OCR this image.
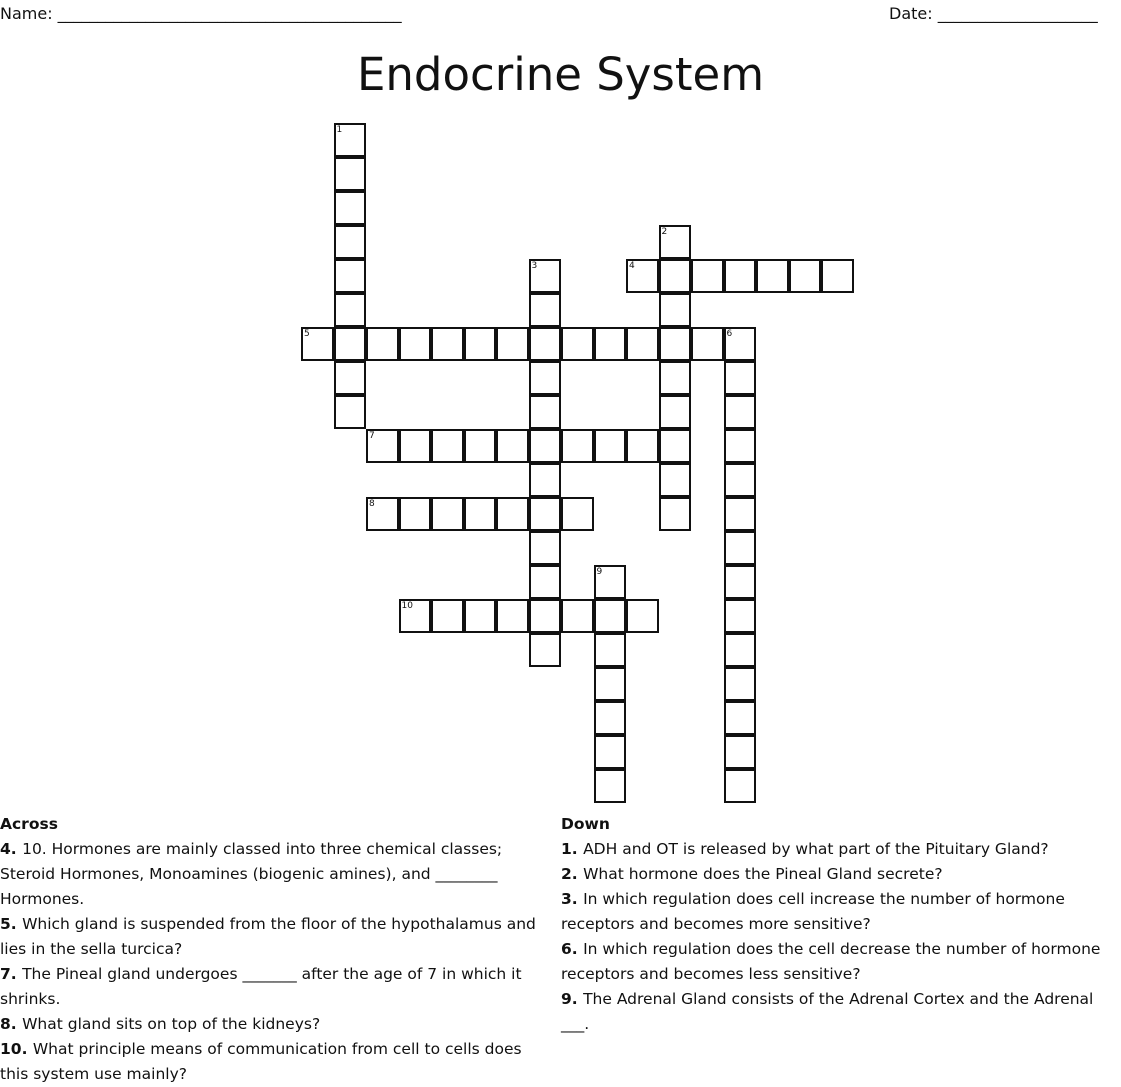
Name: ___________________________________________	Date: ____________________
Endocrine System
1
2
3	4
5	6
7
8
9
10
Across
4. 10. Hormones are mainly classed into three chemical classes; Steroid Hormones, Monoamines (biogenic amines), and ________ Hormones.
5. Which gland is suspended from the floor of the hypothalamus and lies in the sella turcica?
7. The Pineal gland undergoes _______ after the age of 7 in which it shrinks.
8. What gland sits on top of the kidneys?
10. What principle means of communication from cell to cells does this system use mainly?
Down
1. ADH and OT is released by what part of the Pituitary Gland?
2. What hormone does the Pineal Gland secrete?
3. In which regulation does cell increase the number of hormone receptors and becomes more sensitive?
6. In which regulation does the cell decrease the number of hormone receptors and becomes less sensitive?
9. The Adrenal Gland consists of the Adrenal Cortex and the Adrenal ___.
